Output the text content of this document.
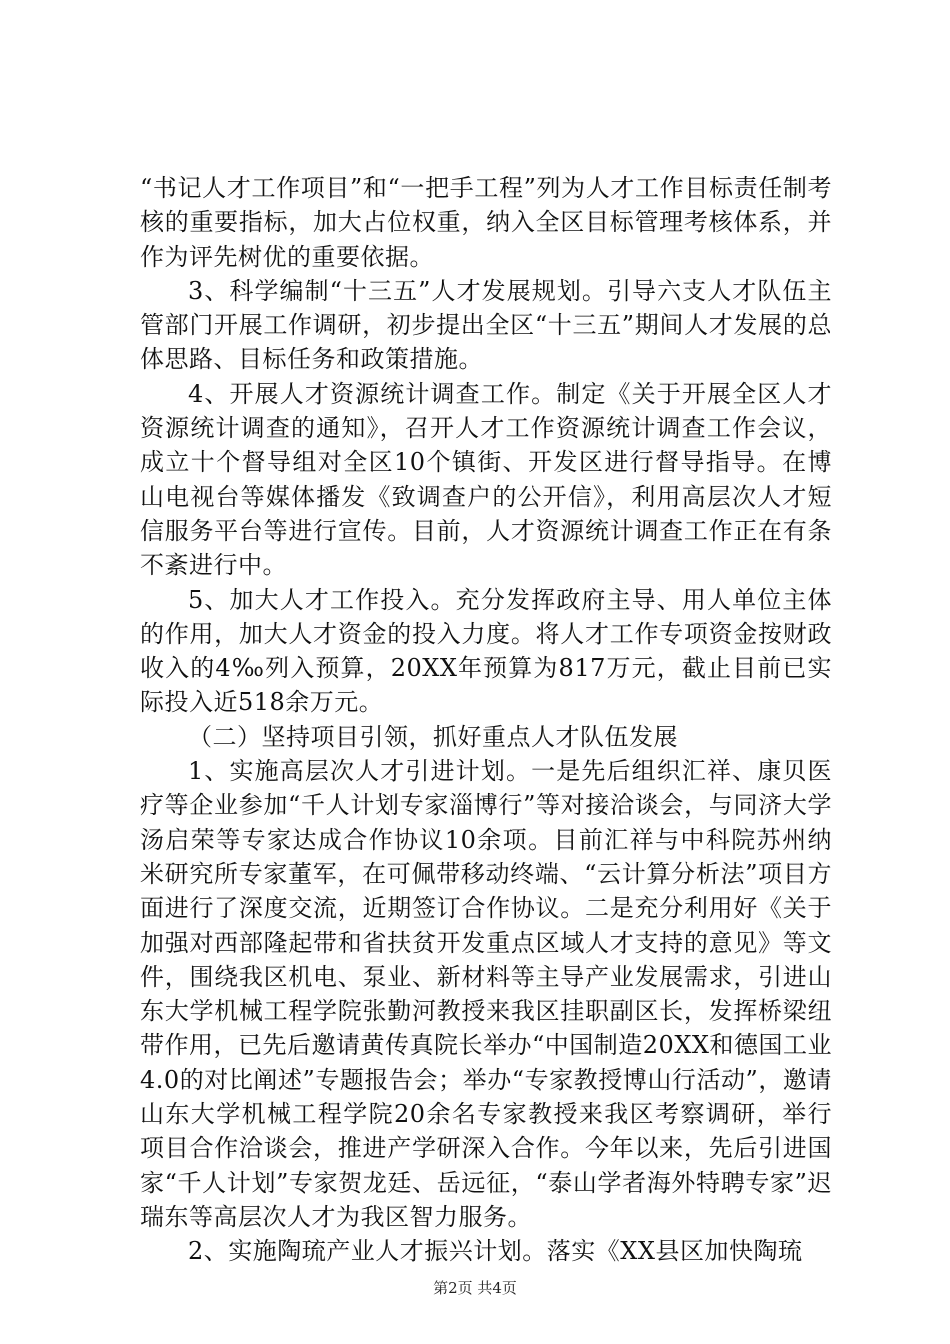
“书记人才工作项目”和“一把手工程”列为人才工作目标责任制考核的重要指标，加大占位权重，纳入全区目标管理考核体系，并作为评先树优的重要依据。

3、科学编制“十三五”人才发展规划。引导六支人才队伍主管部门开展工作调研，初步提出全区“十三五”期间人才发展的总体思路、目标任务和政策措施。

4、开展人才资源统计调查工作。制定《关于开展全区人才资源统计调查的通知》，召开人才工作资源统计调查工作会议，成立十个督导组对全区10个镇街、开发区进行督导指导。在博山电视台等媒体播发《致调查户的公开信》，利用高层次人才短信服务平台等进行宣传。目前，人才资源统计调查工作正在有条不紊进行中。

5、加大人才工作投入。充分发挥政府主导、用人单位主体的作用，加大人才资金的投入力度。将人才工作专项资金按财政收入的4‰列入预算，20XX年预算为817万元，截止目前已实际投入近518余万元。

（二）坚持项目引领，抓好重点人才队伍发展

1、实施高层次人才引进计划。一是先后组织汇祥、康贝医疗等企业参加“千人计划专家淄博行”等对接洽谈会，与同济大学汤启荣等专家达成合作协议10余项。目前汇祥与中科院苏州纳米研究所专家董军，在可佩带移动终端、“云计算分析法”项目方面进行了深度交流，近期签订合作协议。二是充分利用好《关于加强对西部隆起带和省扶贫开发重点区域人才支持的意见》等文件，围绕我区机电、泵业、新材料等主导产业发展需求，引进山东大学机械工程学院张勤河教授来我区挂职副区长，发挥桥梁纽带作用，已先后邀请黄传真院长举办“中国制造20XX和德国工业4.0的对比阐述”专题报告会；举办“专家教授博山行活动”，邀请山东大学机械工程学院20余名专家教授来我区考察调研，举行项目合作洽谈会，推进产学研深入合作。今年以来，先后引进国家“千人计划”专家贺龙廷、岳远征，“泰山学者海外特聘专家”迟瑞东等高层次人才为我区智力服务。

2、实施陶琉产业人才振兴计划。落实《XX县区加快陶琉

第2页 共4页
